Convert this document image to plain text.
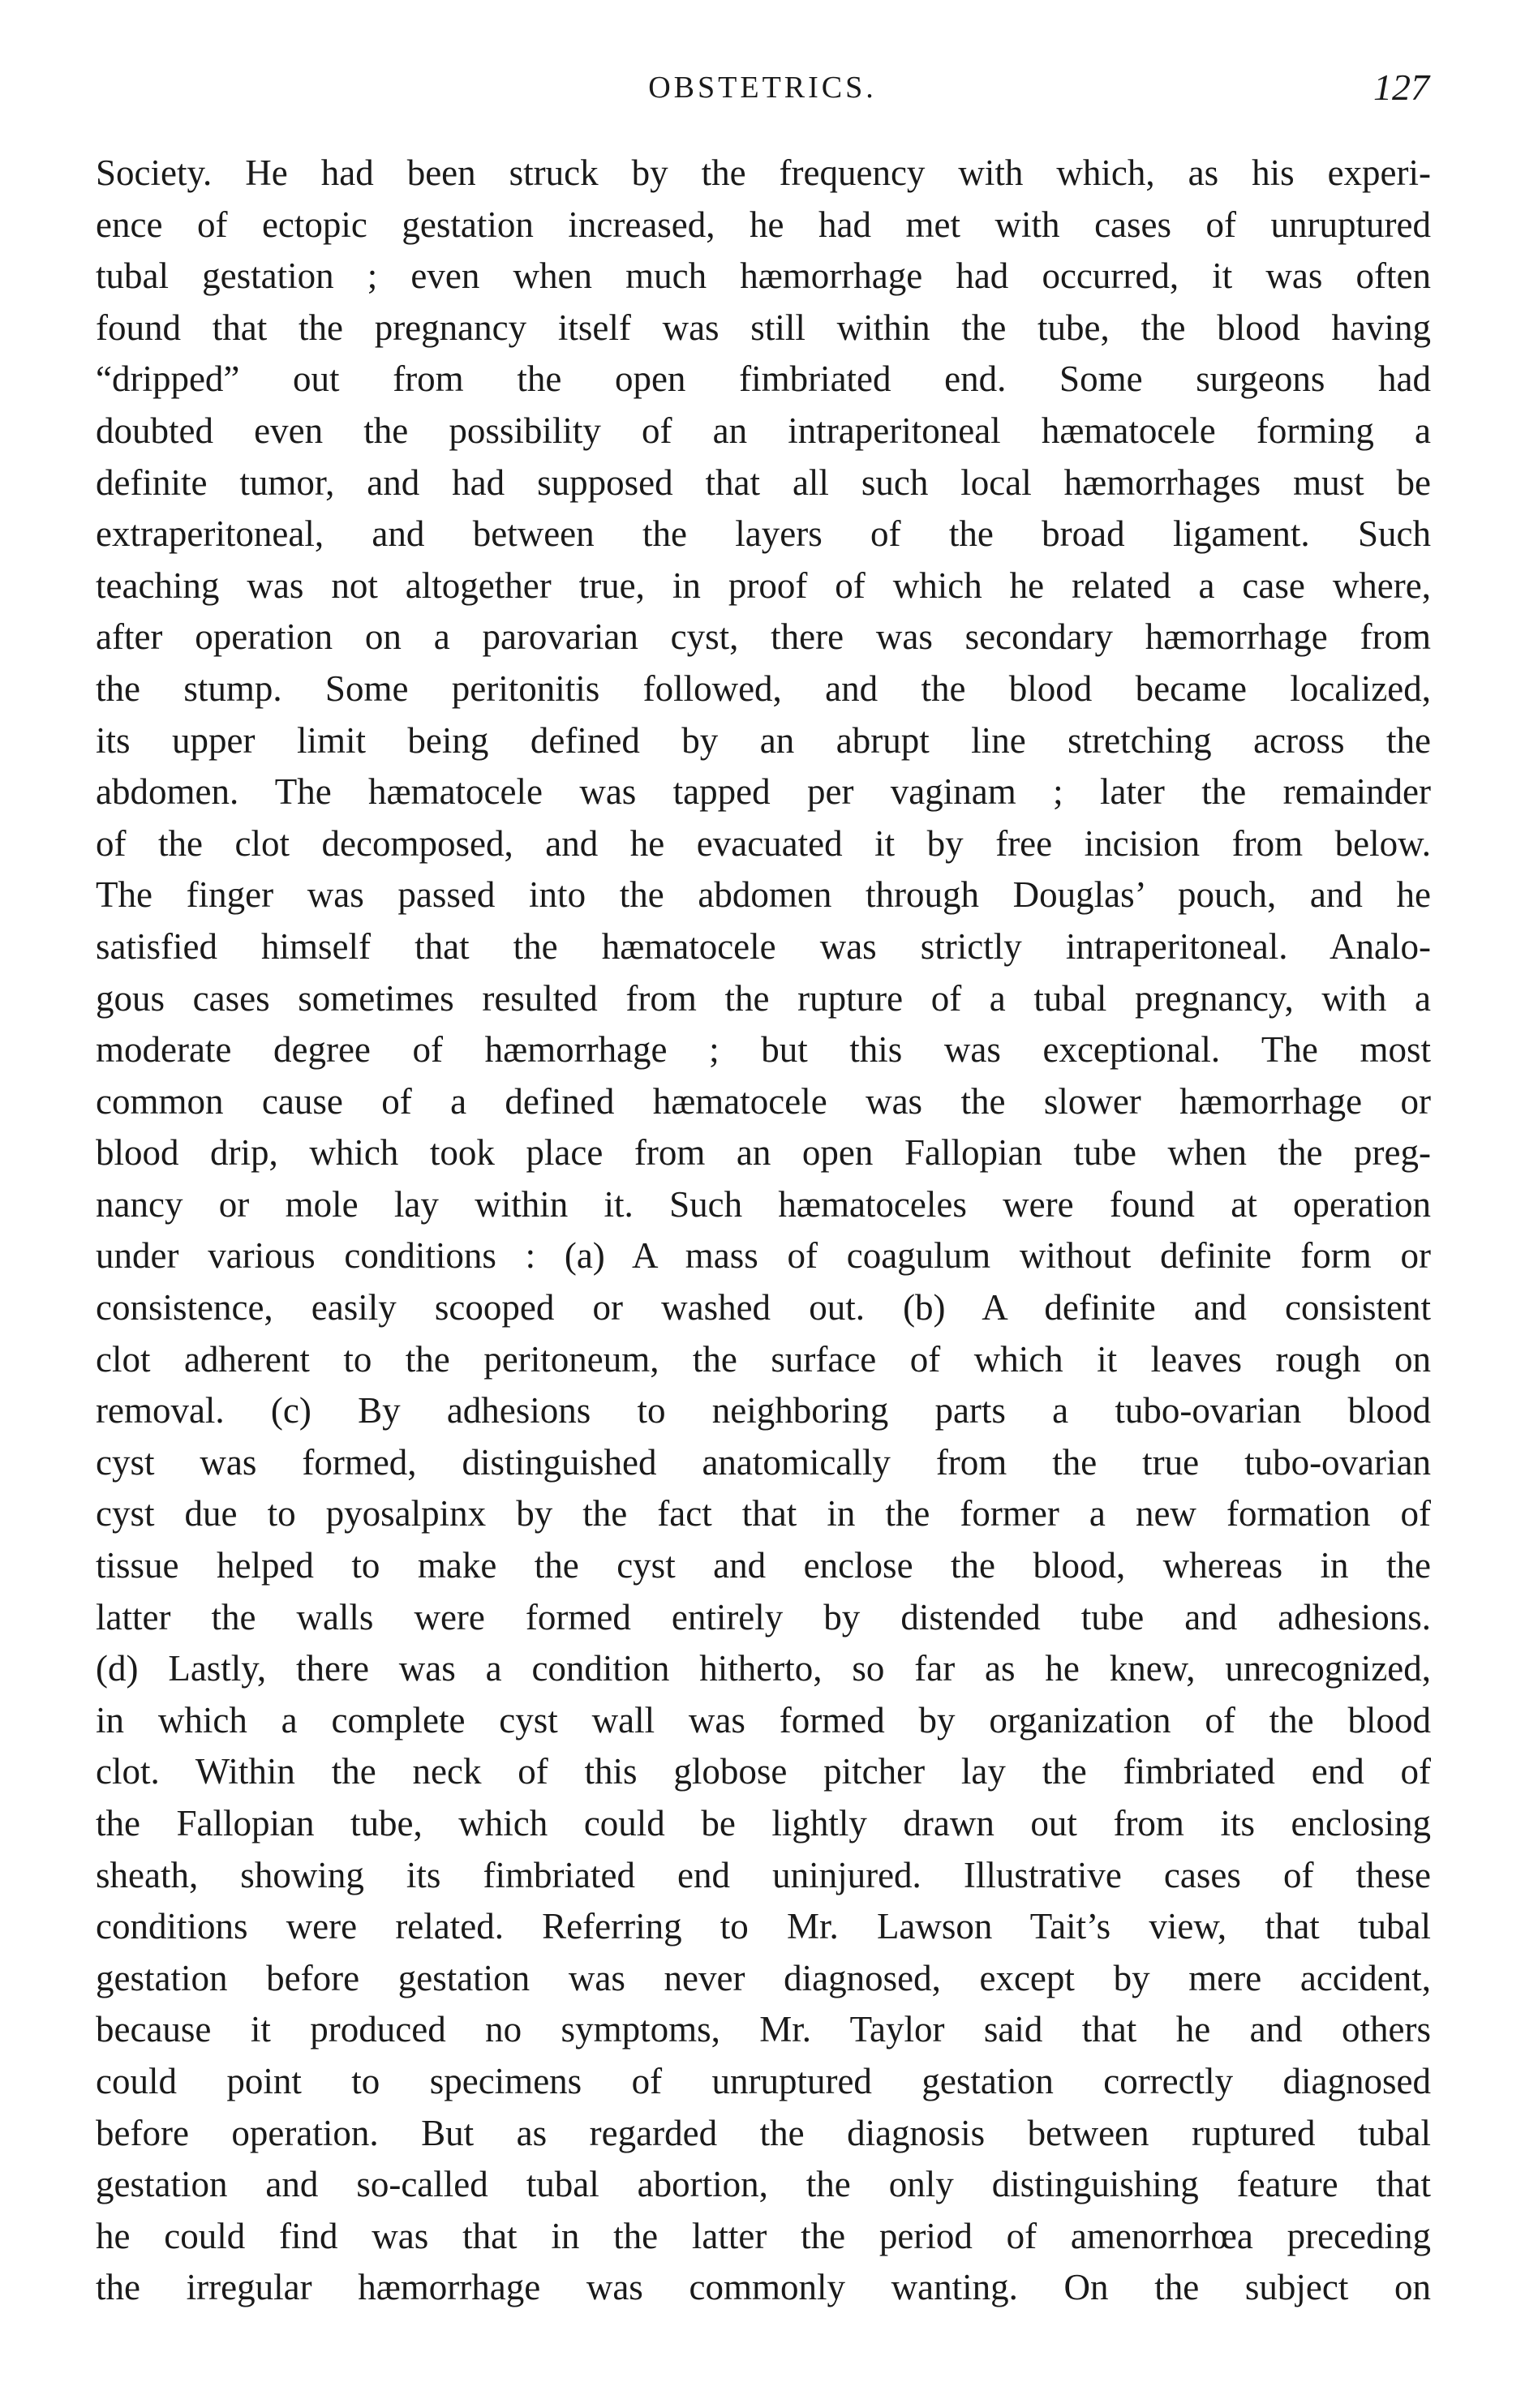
OBSTETRICS.	127
Society. He had been struck by the frequency with which, as his experi-
ence of ectopic gestation increased, he had met with cases of unruptured
tubal gestation ; even when much hæmorrhage had occurred, it was often
found that the pregnancy itself was still within the tube, the blood having
“dripped” out from the open fimbriated end. Some surgeons had
doubted even the possibility of an intraperitoneal hæmatocele forming a
definite tumor, and had supposed that all such local hæmorrhages must be
extraperitoneal, and between the layers of the broad ligament. Such
teaching was not altogether true, in proof of which he related a case where,
after operation on a parovarian cyst, there was secondary hæmorrhage from
the stump. Some peritonitis followed, and the blood became localized,
its upper limit being defined by an abrupt line stretching across the
abdomen. The hæmatocele was tapped per vaginam ; later the remainder
of the clot decomposed, and he evacuated it by free incision from below.
The finger was passed into the abdomen through Douglas’ pouch, and he
satisfied himself that the hæmatocele was strictly intraperitoneal. Analo-
gous cases sometimes resulted from the rupture of a tubal pregnancy, with a
moderate degree of hæmorrhage ; but this was exceptional. The most
common cause of a defined hæmatocele was the slower hæmorrhage or
blood drip, which took place from an open Fallopian tube when the preg-
nancy or mole lay within it. Such hæmatoceles were found at operation
under various conditions : (a) A mass of coagulum without definite form or
consistence, easily scooped or washed out. (b) A definite and consistent
clot adherent to the peritoneum, the surface of which it leaves rough on
removal. (c) By adhesions to neighboring parts a tubo-ovarian blood
cyst was formed, distinguished anatomically from the true tubo-ovarian
cyst due to pyosalpinx by the fact that in the former a new formation of
tissue helped to make the cyst and enclose the blood, whereas in the
latter the walls were formed entirely by distended tube and adhesions.
(d) Lastly, there was a condition hitherto, so far as he knew, unrecognized,
in which a complete cyst wall was formed by organization of the blood
clot. Within the neck of this globose pitcher lay the fimbriated end of
the Fallopian tube, which could be lightly drawn out from its enclosing
sheath, showing its fimbriated end uninjured. Illustrative cases of these
conditions were related. Referring to Mr. Lawson Tait’s view, that tubal
gestation before gestation was never diagnosed, except by mere accident,
because it produced no symptoms, Mr. Taylor said that he and others
could point to specimens of unruptured gestation correctly diagnosed
before operation. But as regarded the diagnosis between ruptured tubal
gestation and so-called tubal abortion, the only distinguishing feature that
he could find was that in the latter the period of amenorrhœa preceding
the irregular hæmorrhage was commonly wanting. On the subject on
